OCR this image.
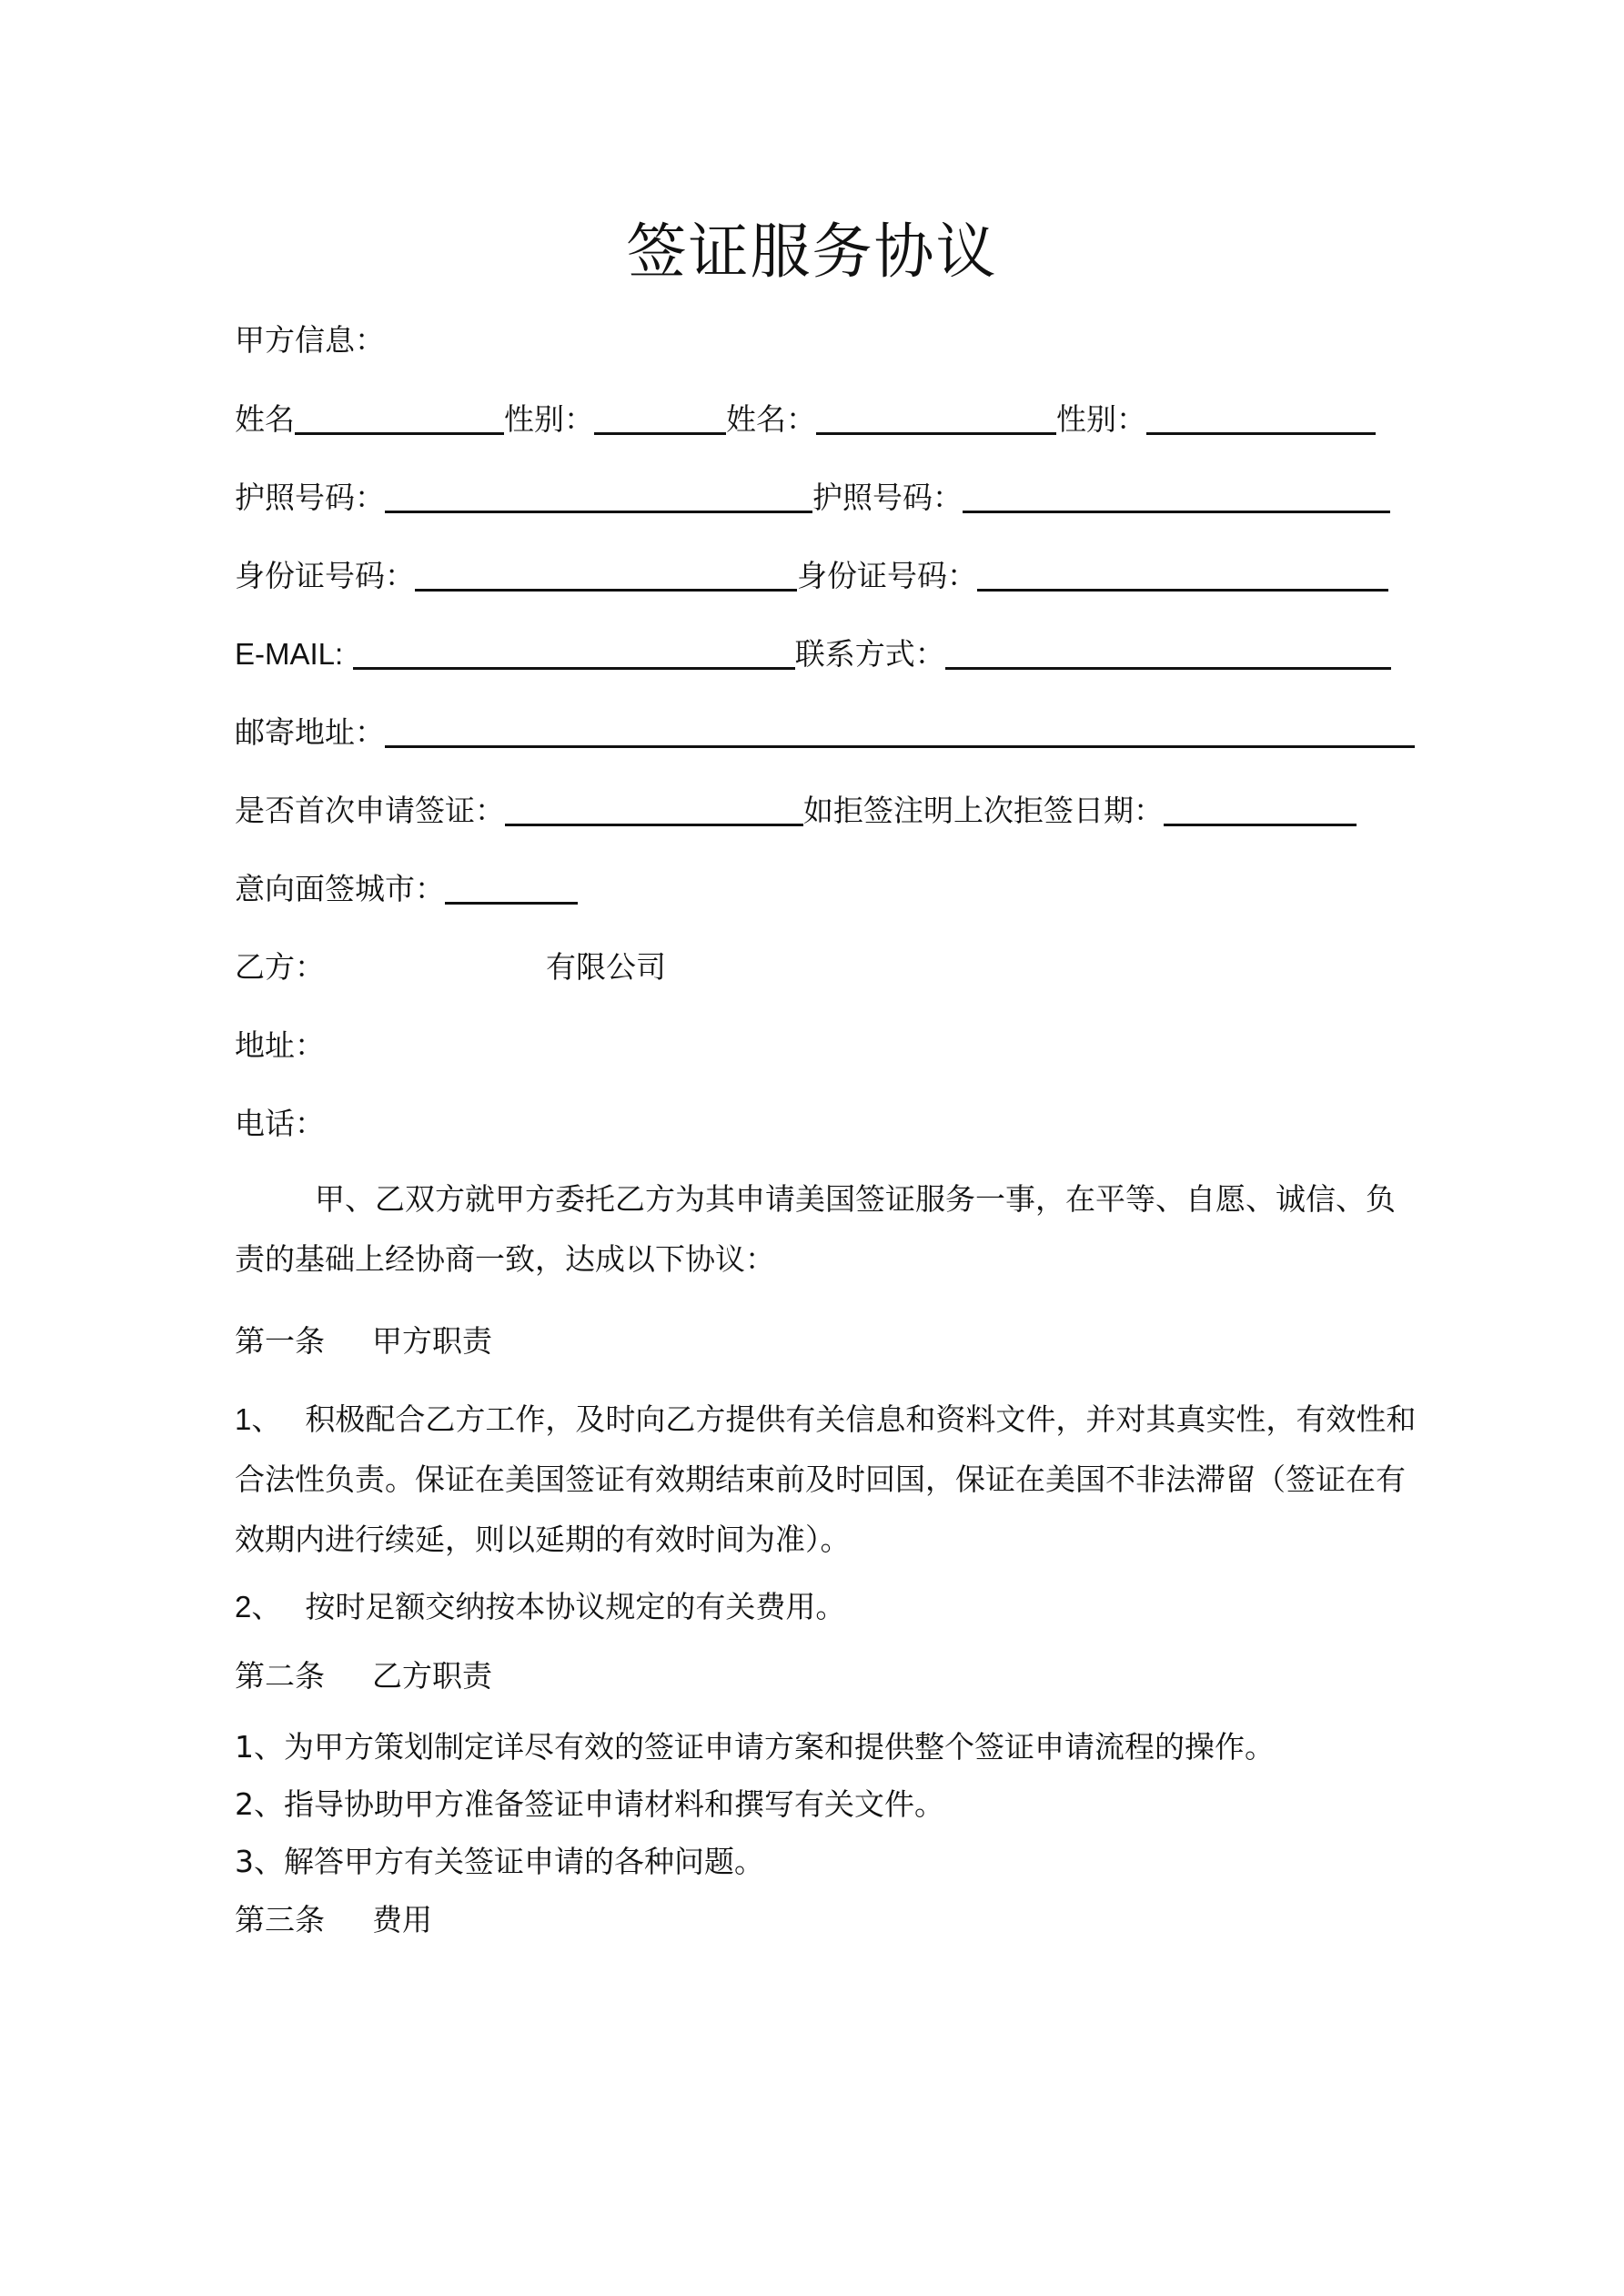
签证服务协议
甲方信息：
姓名	性别：	姓名：	性别：
护照号码：	护照号码：
身份证号码：	身份证号码：
E-MAIL:	联系方式：
邮寄地址：
是否首次申请签证：	如拒签注明上次拒签日期：
意向面签城市：
乙方：	有限公司
地址：
电话：
甲、乙双方就甲方委托乙方为其申请美国签证服务一事，在平等、自愿、诚信、负责的基础上经协商一致，达成以下协议：
第一条 甲方职责
1、 积极配合乙方工作，及时向乙方提供有关信息和资料文件，并对其真实性，有效性和合法性负责。保证在美国签证有效期结束前及时回国，保证在美国不非法滞留（签证在有效期内进行续延，则以延期的有效时间为准）。
2、 按时足额交纳按本协议规定的有关费用。
第二条 乙方职责
1、为甲方策划制定详尽有效的签证申请方案和提供整个签证申请流程的操作。
2、指导协助甲方准备签证申请材料和撰写有关文件。
3、解答甲方有关签证申请的各种问题。
第三条 费用
